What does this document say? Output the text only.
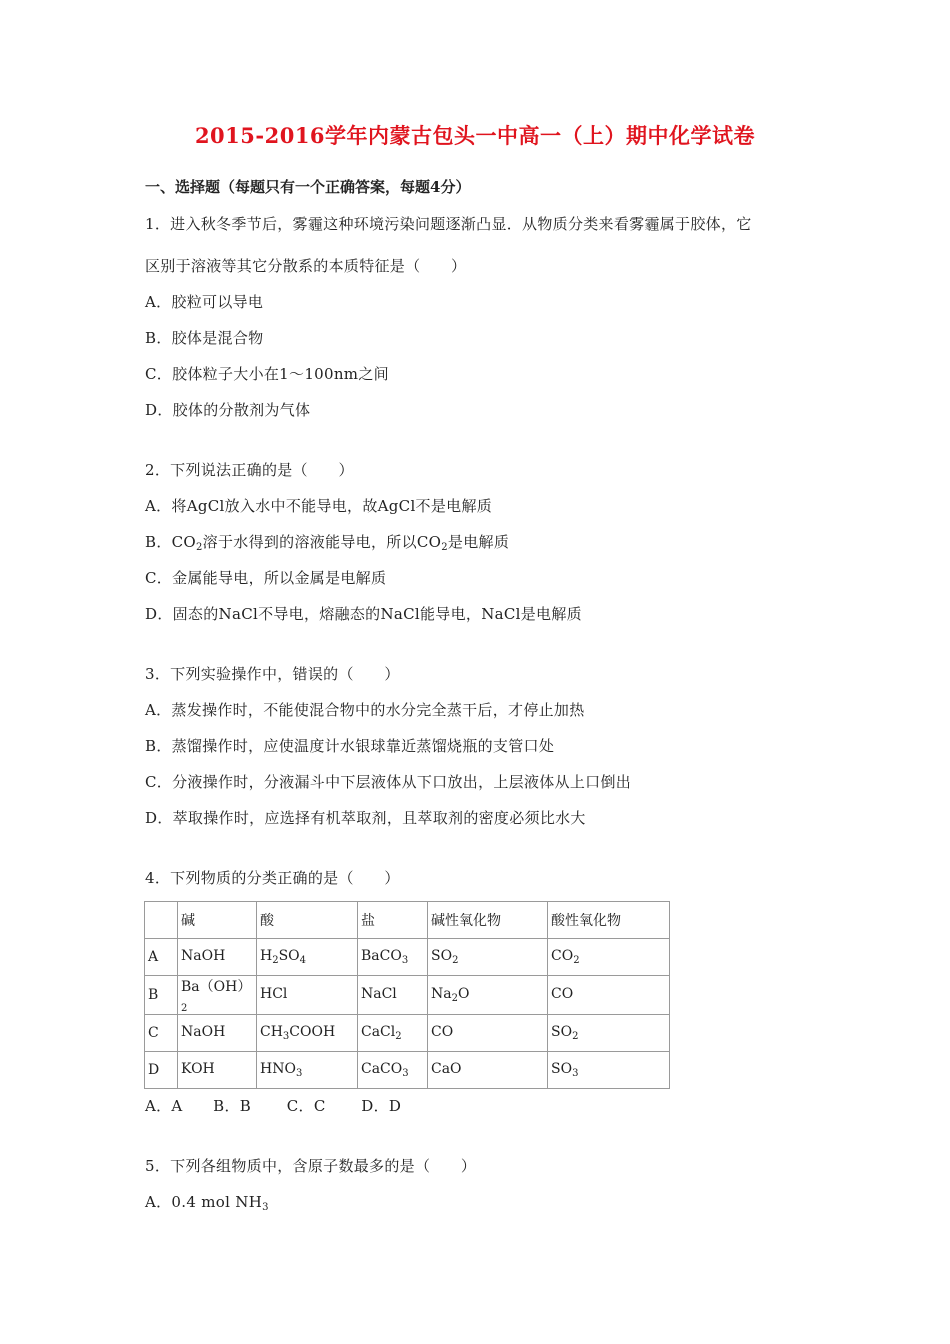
2015-2016学年内蒙古包头一中高一（上）期中化学试卷
一、选择题（每题只有一个正确答案，每题4分）
1．进入秋冬季节后，雾霾这种环境污染问题逐渐凸显．从物质分类来看雾霾属于胶体，它
区别于溶液等其它分散系的本质特征是（　　）
A．胶粒可以导电
B．胶体是混合物
C．胶体粒子大小在1～100nm之间
D．胶体的分散剂为气体
2．下列说法正确的是（　　）
A．将AgCl放入水中不能导电，故AgCl不是电解质
B．$CO_2$溶于水得到的溶液能导电，所以$CO_2$是电解质
C．金属能导电，所以金属是电解质
D．固态的NaCl不导电，熔融态的NaCl能导电，NaCl是电解质
3．下列实验操作中，错误的（　　）
A．蒸发操作时，不能使混合物中的水分完全蒸干后，才停止加热
B．蒸馏操作时，应使温度计水银球靠近蒸馏烧瓶的支管口处
C．分液操作时，分液漏斗中下层液体从下口放出，上层液体从上口倒出
D．萃取操作时，应选择有机萃取剂，且萃取剂的密度必须比水大
4．下列物质的分类正确的是（　　）
	碱	酸	盐	碱性氧化物	酸性氧化物
A	NaOH	$H_2SO_4$	BaCO$_3$	$SO_2$	$CO_2$
B	$Ba(OH)_2$	HCl	NaCl	$Na_2O$	CO
C	NaOH	$CH_3COOH$	CaCl$_2$	CO	$SO_2$
D	KOH	$HNO_3$	CaCO$_3$	CaO	$SO_3$
A．A　　B．B　　 C．C　　 D．D
5．下列各组物质中，含原子数最多的是（　　）
A．0.4 mol $NH_3$
